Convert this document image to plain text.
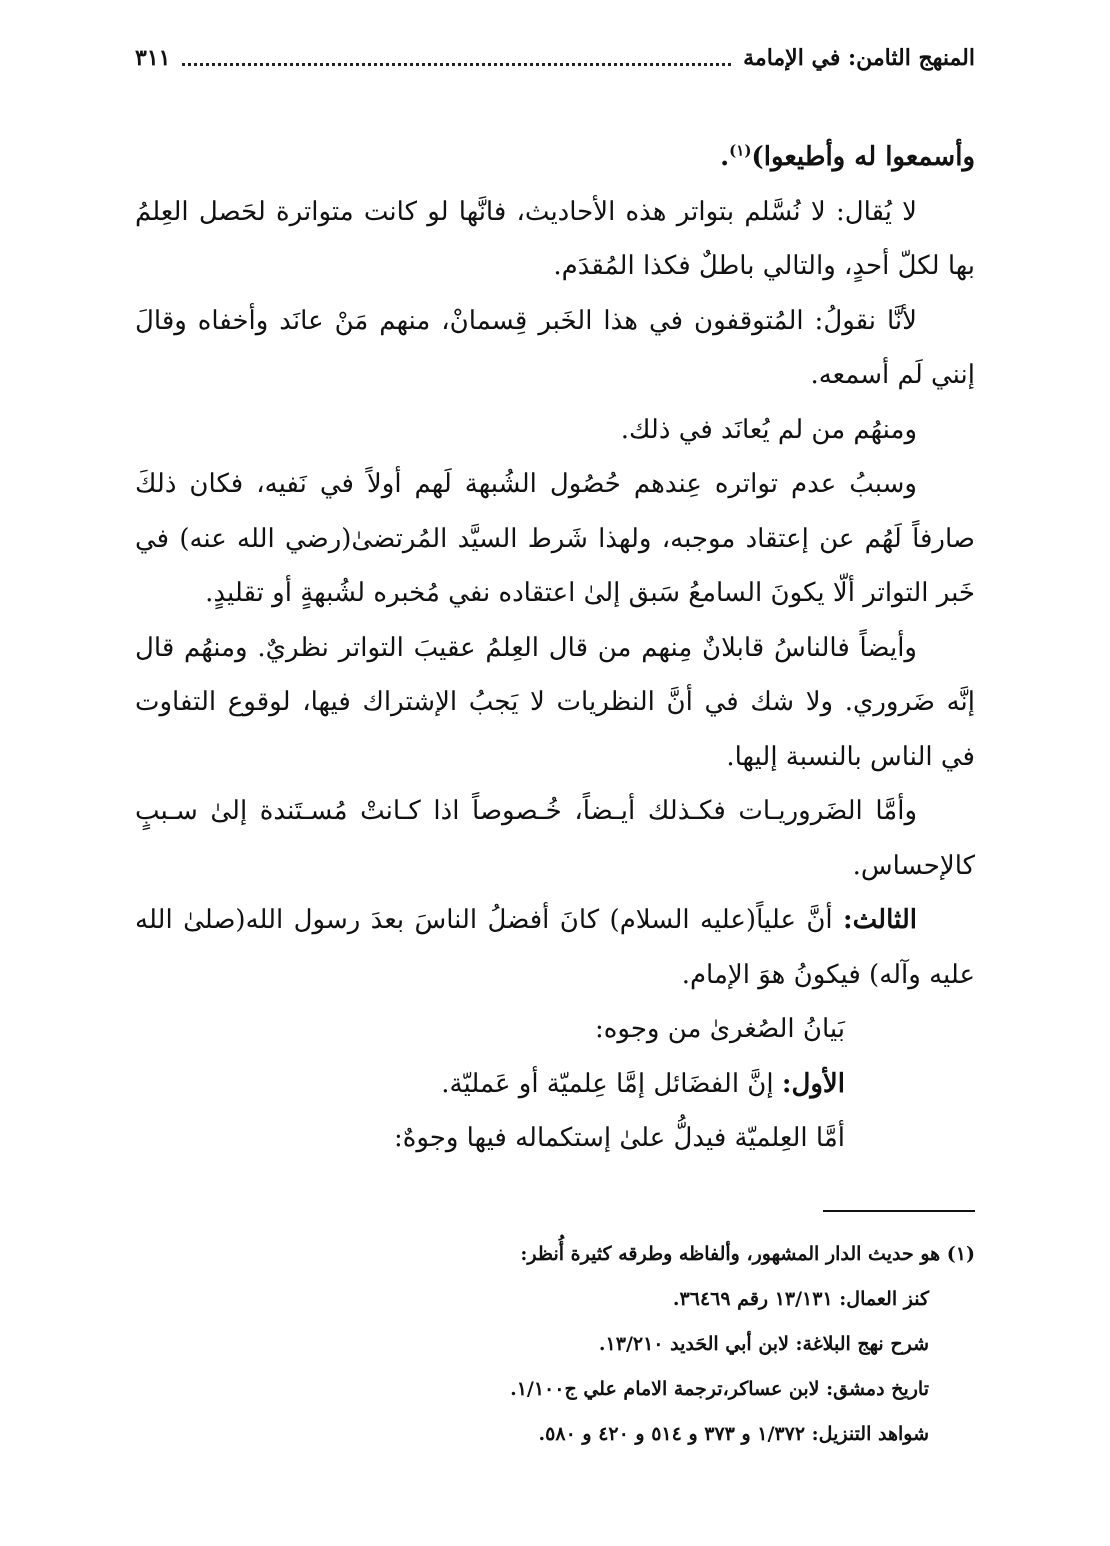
المنهج الثامن: في الإمامة
٣١١

وأسمعوا له وأطيعوا)$^{(١)}$.

لا يُقال: لا نُسَّلم بتواتر هذه الأحاديث، فانَّها لو كانت متواترة لحَصل العِلمُ بها لكلّ أحدٍ، والتالي باطلٌ فكذا المُقدَم.

لأنَّا نقولُ: المُتوقفون في هذا الخَبر قِسمانْ، منهم مَنْ عانَد وأخفاه وقالَ إنني لَم أسمعه.

ومنهُم من لم يُعانَد في ذلك.

وسببُ عدم تواتره عِندهم حُصُول الشُبهة لَهم أولاً في نَفيه، فكان ذلكَ صارفاً لَهُم عن إعتقاد موجبه، ولهذا شَرط السيَّد المُرتضىٰ(رضي الله عنه) في خَبر التواتر ألّا يكونَ السامعُ سَبق إلىٰ اعتقاده نفي مُخبره لشُبهةٍ أو تقليدٍ.

وأيضاً فالناسُ قابلانٌ مِنهم من قال العِلمُ عقيبَ التواتر نظريٌ. ومنهُم قال إنَّه ضَروري. ولا شك في أنَّ النظريات لا يَجبُ الإشتراك فيها، لوقوع التفاوت في الناس بالنسبة إليها.

وأمَّا الضَروريـات فكـذلك أيـضاً، خُـصوصاً اذا كـانتْ مُسـتَندة إلىٰ سـببٍ كالإحساس.

الثالث: أنَّ علياً(عليه السلام) كانَ أفضلُ الناسَ بعدَ رسول الله(صلىٰ الله عليه وآله) فيكونُ هوَ الإمام.

بَيانُ الصُغرىٰ من وجوه:

الأول: إنَّ الفضَائل إمَّا عِلميّة أو عَمليّة.

أمَّا العِلميّة فيدلُّ علىٰ إستكماله فيها وجوهٌ:

(١) هو حديث الدار المشهور، وألفاظه وطرقه كثيرة أُنظر:

كنز العمال: ١٣/١٣١ رقم ٣٦٤٦٩.

شرح نهج البلاغة: لابن أبي الحَديد ١٣/٢١٠.

تاريخ دمشق: لابن عساكر،ترجمة الامام علي ج١/١٠٠.

شواهد التنزيل: ١/٣٧٢ و ٣٧٣ و ٥١٤ و ٤٢٠ و ٥٨٠.
